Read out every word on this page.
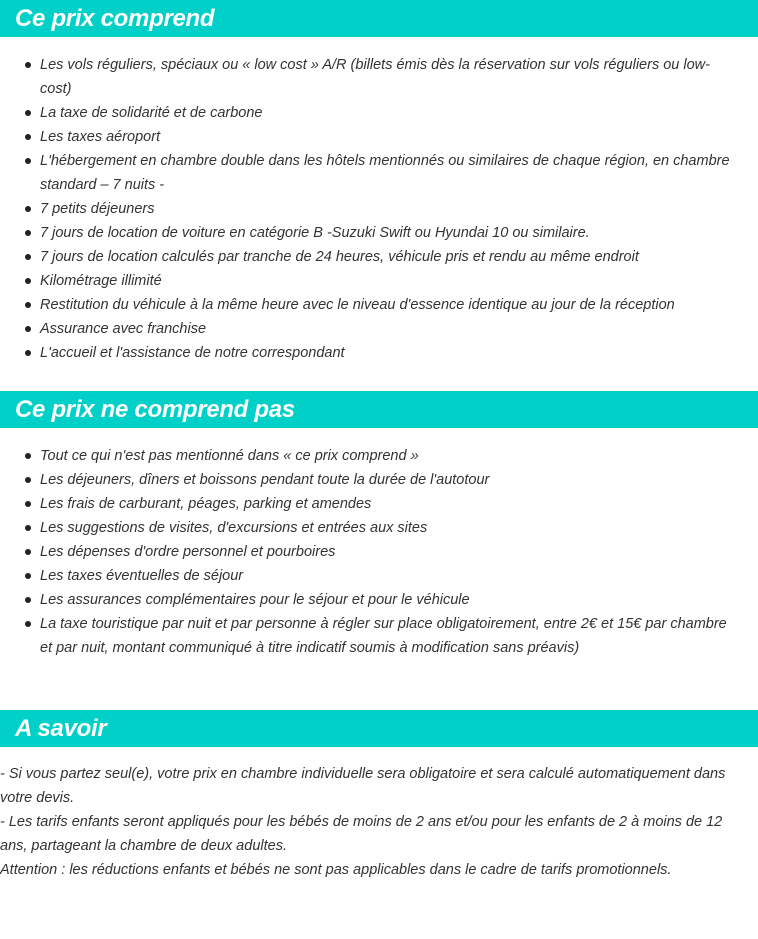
Ce prix comprend
Les vols réguliers, spéciaux ou « low cost » A/R (billets émis dès la réservation sur vols réguliers ou low-cost)
La taxe de solidarité et de carbone
Les taxes aéroport
L'hébergement en chambre double dans les hôtels mentionnés ou similaires de chaque région, en chambre standard – 7 nuits -
7 petits déjeuners
7 jours de location de voiture en catégorie B -Suzuki Swift ou Hyundai 10 ou similaire.
7 jours de location calculés par tranche de 24 heures, véhicule pris et rendu au même endroit
Kilométrage illimité
Restitution du véhicule à la même heure avec le niveau d'essence identique au jour de la réception
Assurance avec franchise
L'accueil et l'assistance de notre correspondant
Ce prix ne comprend pas
Tout ce qui n'est pas mentionné dans « ce prix comprend »
Les déjeuners, dîners et boissons pendant toute la durée de l'autotour
Les frais de carburant, péages, parking et amendes
Les suggestions de visites, d'excursions et entrées aux sites
Les dépenses d'ordre personnel et pourboires
Les taxes éventuelles de séjour
Les assurances complémentaires pour le séjour et pour le véhicule
La taxe touristique par nuit et par personne à régler sur place obligatoirement, entre 2€ et 15€ par chambre et par nuit, montant communiqué à titre indicatif soumis à modification sans préavis)
A savoir

- Si vous partez seul(e), votre prix en chambre individuelle sera obligatoire et sera calculé automatiquement dans votre devis.

- Les tarifs enfants seront appliqués pour les bébés de moins de 2 ans et/ou pour les enfants de 2 à moins de 12 ans, partageant la chambre de deux adultes.

Attention : les réductions enfants et bébés ne sont pas applicables dans le cadre de tarifs promotionnels.
